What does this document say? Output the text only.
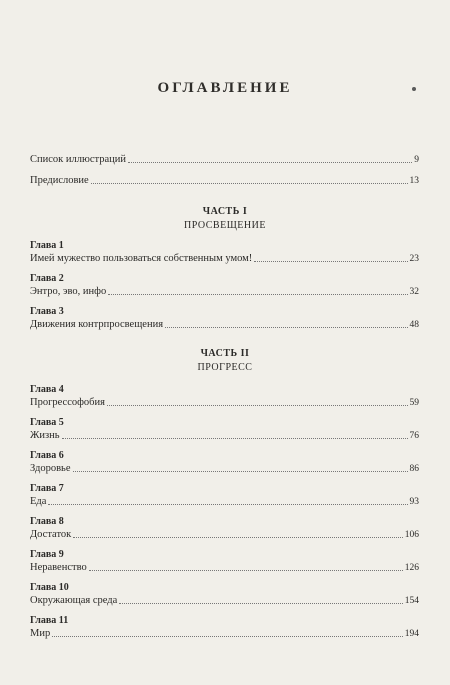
ОГЛАВЛЕНИЕ
Список иллюстраций	9
Предисловие	13
ЧАСТЬ I
ПРОСВЕЩЕНИЕ
Глава 1
Имей мужество пользоваться собственным умом!	23
Глава 2
Энтро, эво, инфо	32
Глава 3
Движения контрпросвещения	48
ЧАСТЬ II
ПРОГРЕСС
Глава 4
Прогрессофобия	59
Глава 5
Жизнь	76
Глава 6
Здоровье	86
Глава 7
Еда	93
Глава 8
Достаток	106
Глава 9
Неравенство	126
Глава 10
Окружающая среда	154
Глава 11
Мир	194
